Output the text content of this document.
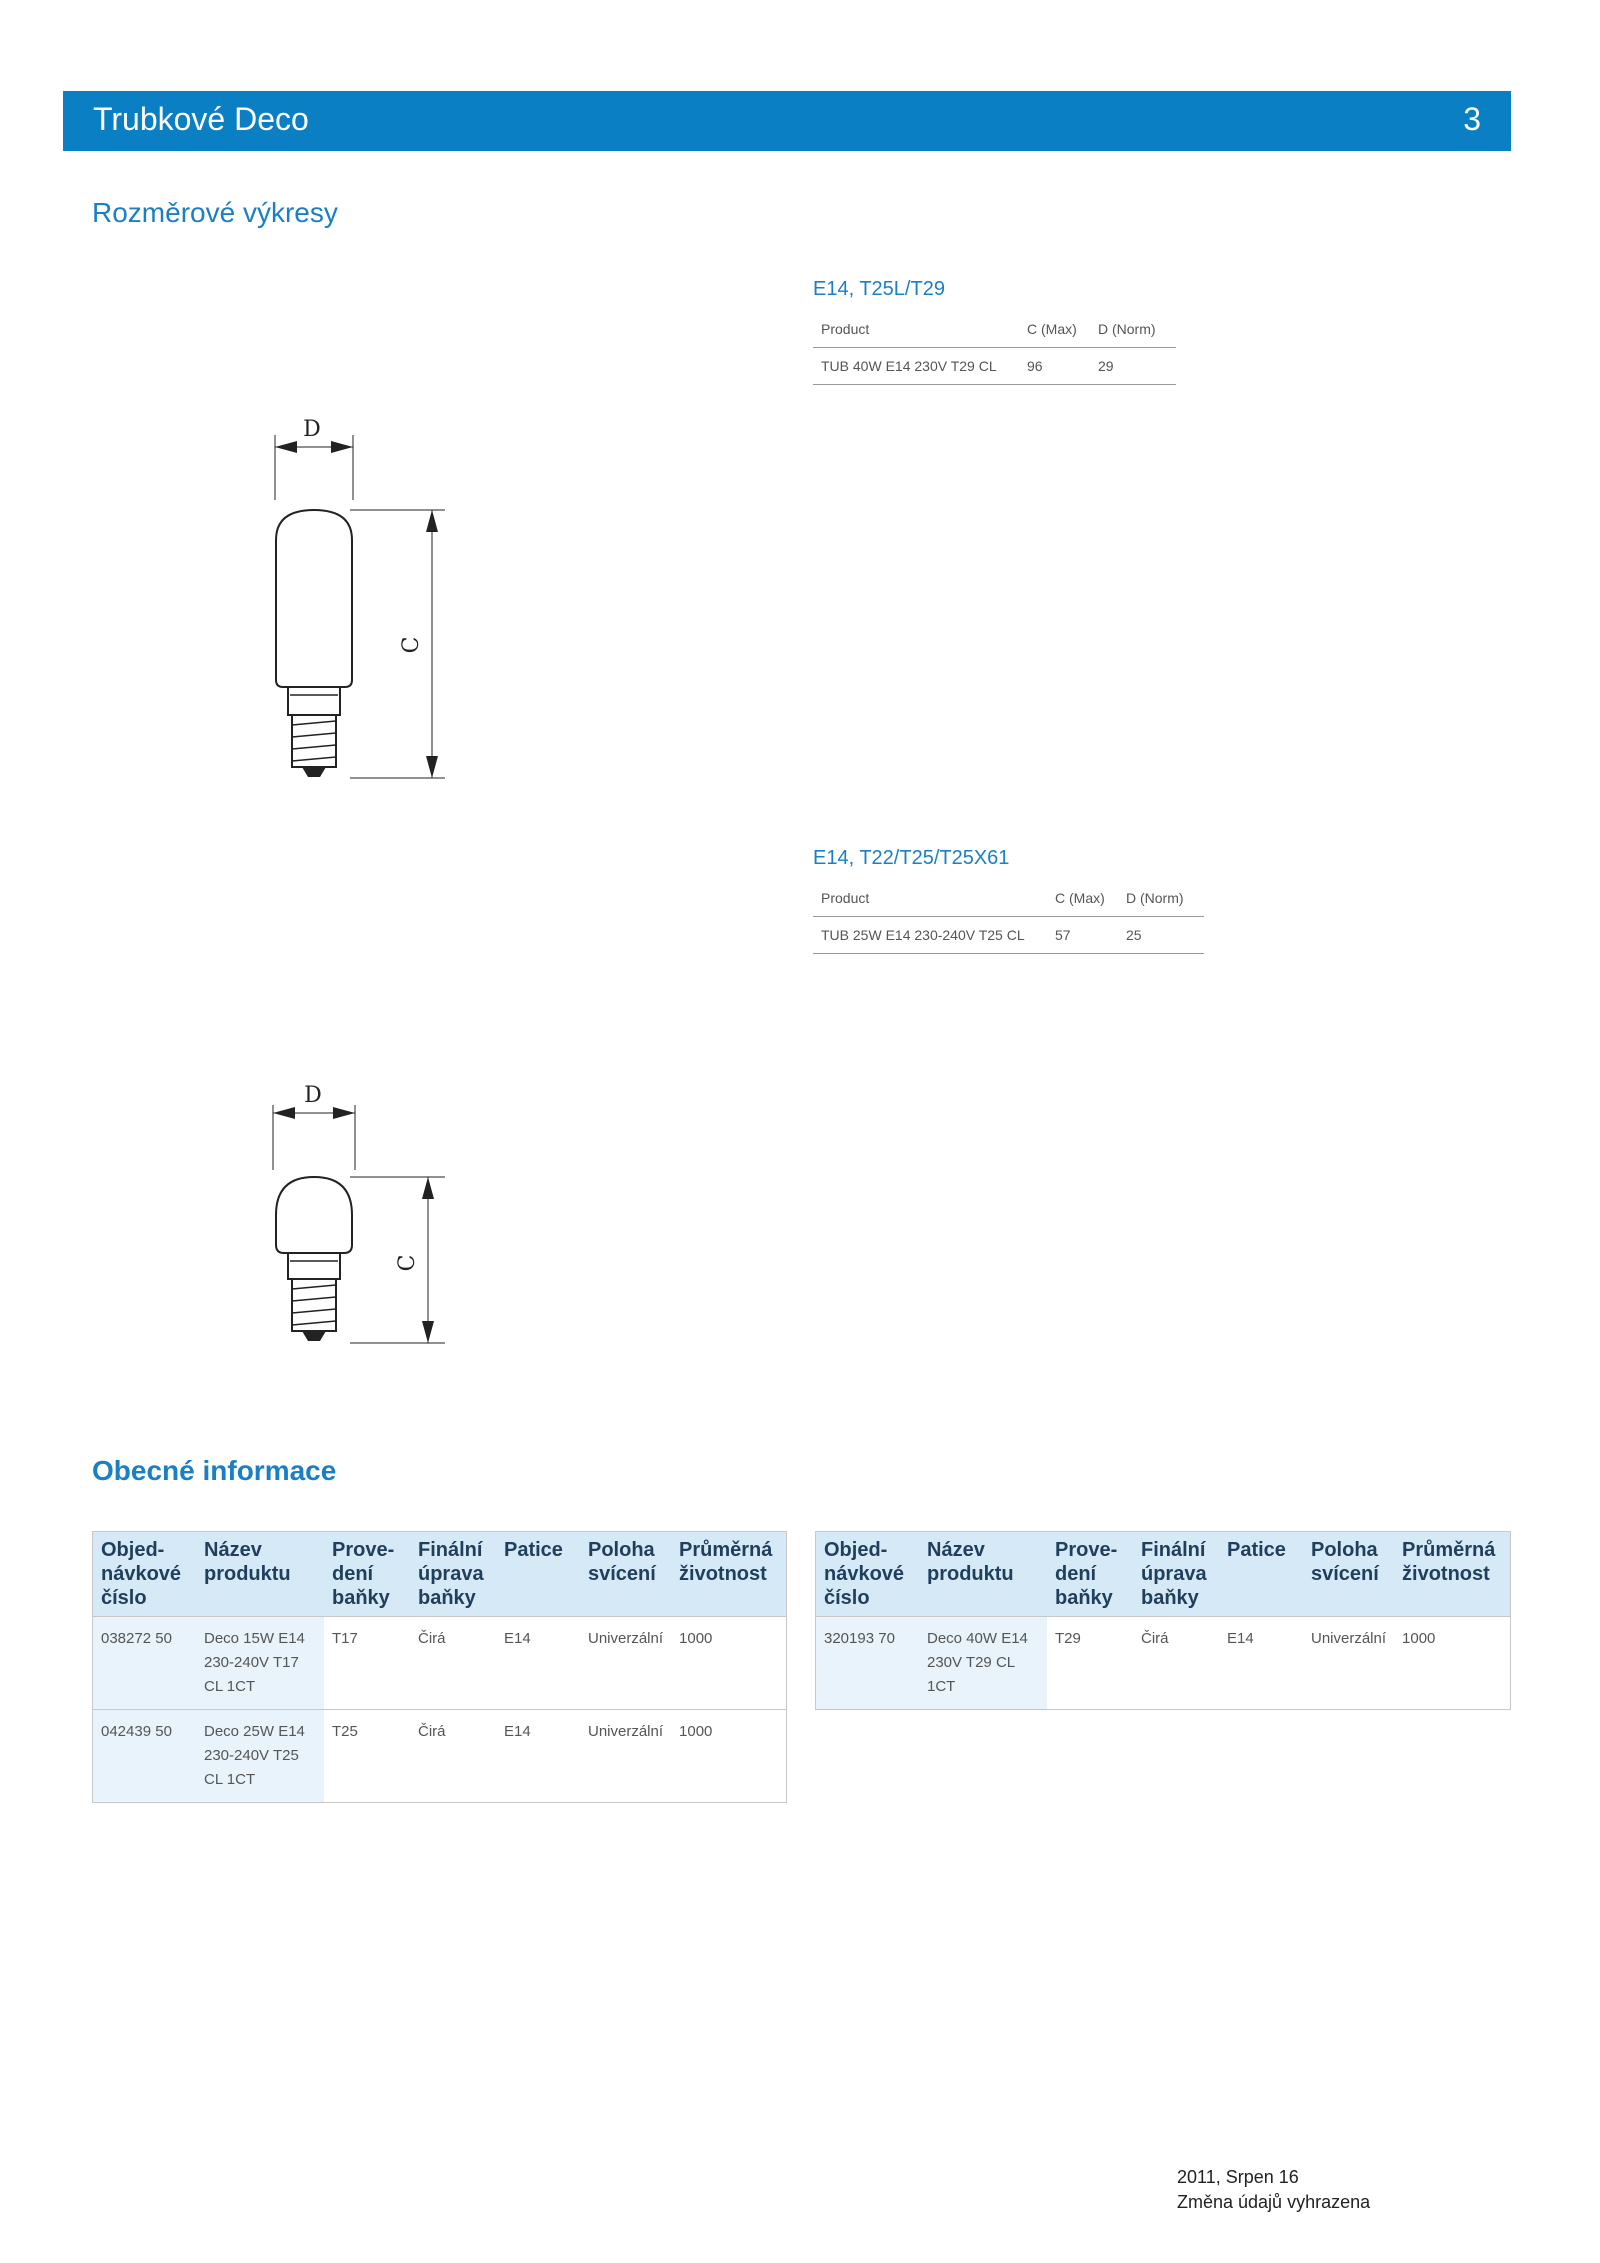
Trubkové Deco	3
Rozměrové výkresy
E14, T25L/T29
Product	C (Max)	D (Norm)
TUB 40W E14 230V T29 CL	96	29
D
C
E14, T22/T25/T25X61
Product	C (Max)	D (Norm)
TUB 25W E14 230-240V T25 CL	57	25
D
C
Obecné informace
Objed-
návkové
číslo	Název
produktu	Prove-
dení
baňky	Finální
úprava
baňky	Patice	Poloha
svícení	Průměrná
životnost
038272 50	Deco 15W E14
230-240V T17
CL 1CT	T17	Čirá	E14	Univerzální	1000
042439 50	Deco 25W E14
230-240V T25
CL 1CT	T25	Čirá	E14	Univerzální	1000
Objed-
návkové
číslo	Název
produktu	Prove-
dení
baňky	Finální
úprava
baňky	Patice	Poloha
svícení	Průměrná
životnost
320193 70	Deco 40W E14
230V T29 CL
1CT	T29	Čirá	E14	Univerzální	1000
2011, Srpen 16
Změna údajů vyhrazena
